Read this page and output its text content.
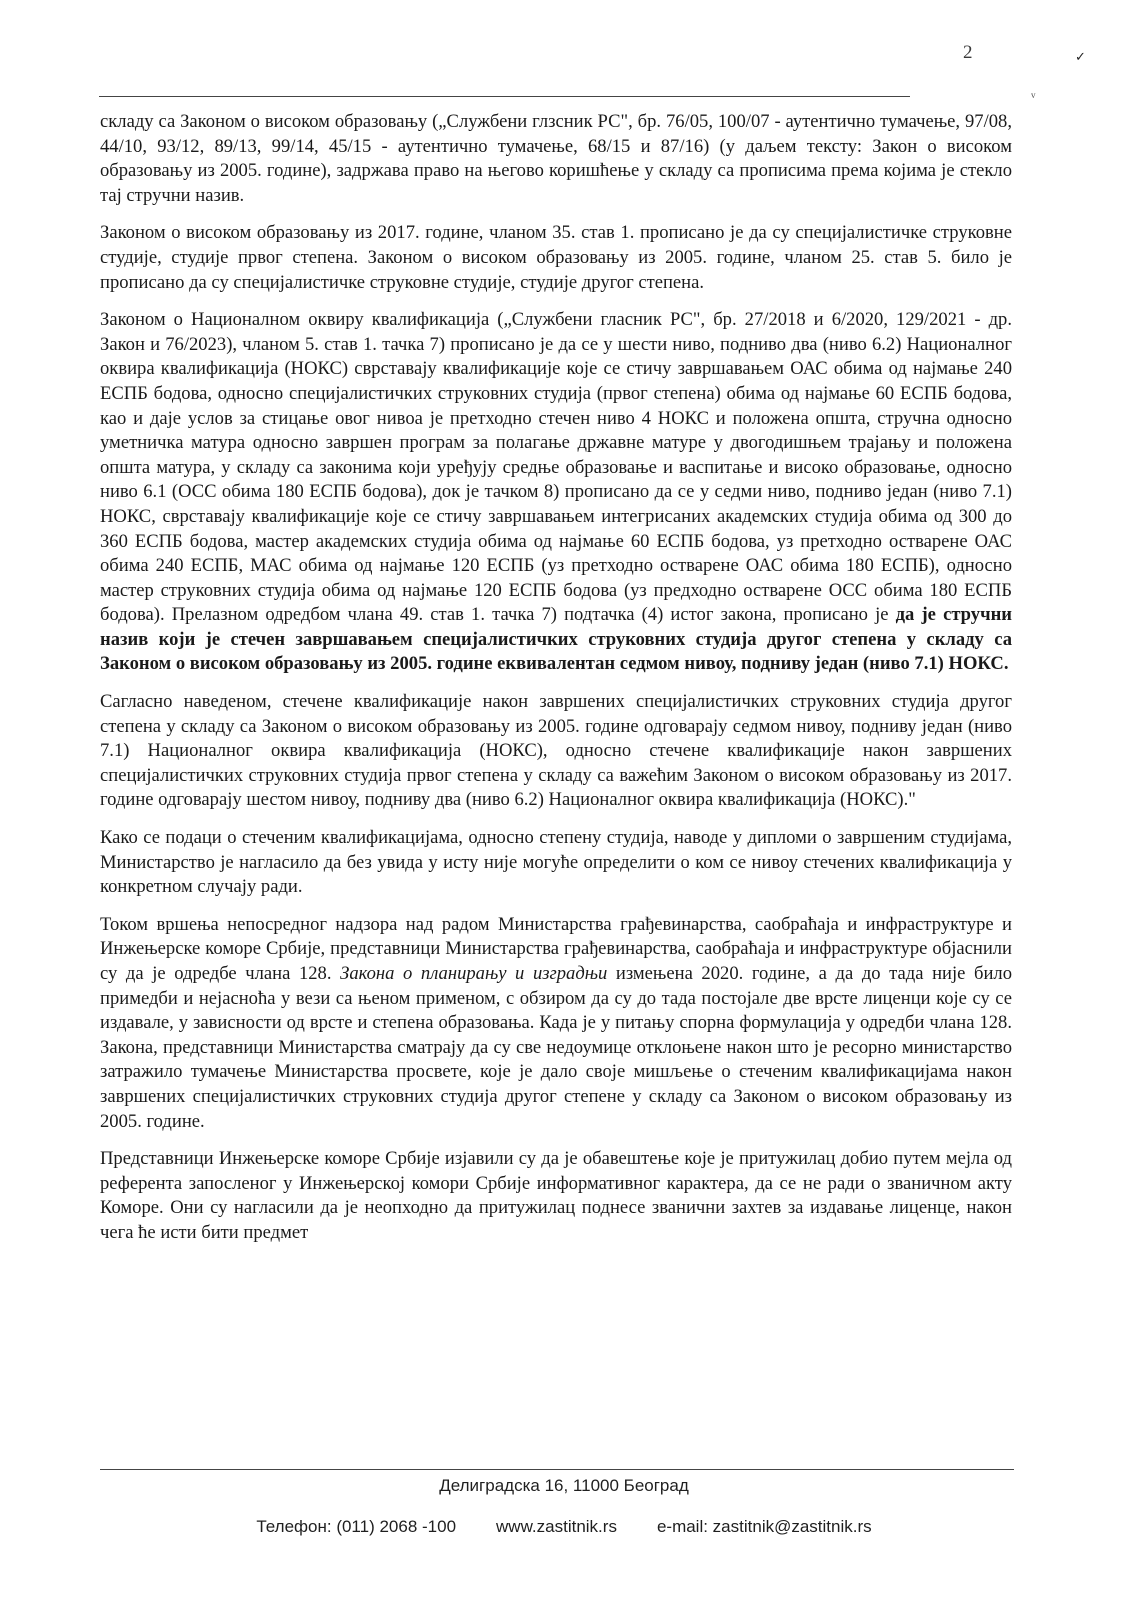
2	✓
v

складу са Законом о високом образовању („Службени глзсник РС", бр. 76/05, 100/07 - аутентично тумачење, 97/08, 44/10, 93/12, 89/13, 99/14, 45/15 - аутентично тумачење, 68/15 и 87/16) (у даљем тексту: Закон о високом образовању из 2005. године), задржава право на његово коришћење у складу са прописима према којима је стекло тај стручни назив.

Законом о високом образовању из 2017. године, чланом 35. став 1. прописано је да су специјалистичке струковне студије, студије првог степена. Законом о високом образовању из 2005. године, чланом 25. став 5. било је прописано да су специјалистичке струковне студије, студије другог степена.

Законом о Националном оквиру квалификација („Службени гласник РС", бр. 27/2018 и 6/2020, 129/2021 - др. Закон и 76/2023), чланом 5. став 1. тачка 7) прописано је да се у шести ниво, подниво два (ниво 6.2) Националног оквира квалификација (НОКС) сврставају квалификације које се стичу завршавањем ОАС обима од најмање 240 ЕСПБ бодова, односно специјалистичких струковних студија (првог степена) обима од најмање 60 ЕСПБ бодова, као и даје услов за стицање овог нивоа је претходно стечен ниво 4 НОКС и положена општа, стручна односно уметничка матура односно завршен програм за полагање државне матуре у двогодишњем трајању и положена општа матура, у складу са законима који уређују средње образовање и васпитање и високо образовање, односно ниво 6.1 (ОСС обима 180 ЕСПБ бодова), док је тачком 8) прописано да се у седми ниво, подниво један (ниво 7.1) НОКС, сврставају квалификације које се стичу завршавањем интегрисаних академских студија обима од 300 до 360 ЕСПБ бодова, мастер академских студија обима од најмање 60 ЕСПБ бодова, уз претходно остварене ОАС обима 240 ЕСПБ, МАС обима од најмање 120 ЕСПБ (уз претходно остварене ОАС обима 180 ЕСПБ), односно мастер струковних студија обима од најмање 120 ЕСПБ бодова (уз предходно остварене ОСС обима 180 ЕСПБ бодова). Прелазном одредбом члана 49. став 1. тачка 7) подтачка (4) истог закона, прописано је да је стручни назив који је стечен завршавањем специјалистичких струковних студија другог степена у складу са Законом о високом образовању из 2005. године еквивалентан седмом нивоу, подниву један (ниво 7.1) НОКС.

Сагласно наведеном, стечене квалификације након завршених специјалистичких струковних студија другог степена у складу са Законом о високом образовању из 2005. године одговарају седмом нивоу, подниву један (ниво 7.1) Националног оквира квалификација (НОКС), односно стечене квалификације након завршених специјалистичких струковних студија првог степена у складу са важећим Законом о високом образовању из 2017. године одговарају шестом нивоу, подниву два (ниво 6.2) Националног оквира квалификација (НОКС)."

Како се подаци о стеченим квалификацијама, односно степену студија, наводе у дипломи о завршеним студијама, Министарство је нагласило да без увида у исту није могуће определити о ком се нивоу стечених квалификација у конкретном случају ради.

Током вршења непосредног надзора над радом Министарства грађевинарства, саобраћаја и инфраструктуре и Инжењерске коморе Србије, представници Министарства грађевинарства, саобраћаја и инфраструктуре објаснили су да је одредбе члана 128. Закона о планирању и изградњи измењена 2020. године, а да до тада није било примедби и нејасноћа у вези са њеном применом, с обзиром да су до тада постојале две врсте лиценци које су се издавале, у зависности од врсте и степена образовања. Када је у питању спорна формулација у одредби члана 128. Закона, представници Министарства сматрају да су све недоумице отклоњене након што је ресорно министарство затражило тумачење Министарства просвете, које је дало своје мишљење о стеченим квалификацијама након завршених специјалистичких струковних студија другог степене у складу са Законом о високом образовању из 2005. године.

Представници Инжењерске коморе Србије изјавили су да је обавештење које је притужилац добио путем мејла од референта запосленог у Инжењерској комори Србије информативног карактера, да се не ради о званичном акту Коморе. Они су нагласили да је неопходно да притужилац поднесе званични захтев за издавање лиценце, након чега ће исти бити предмет

Делиградска 16, 11000 Београд
Телефон: (011) 2068 -100 www.zastitnik.rs e-mail: zastitnik@zastitnik.rs
